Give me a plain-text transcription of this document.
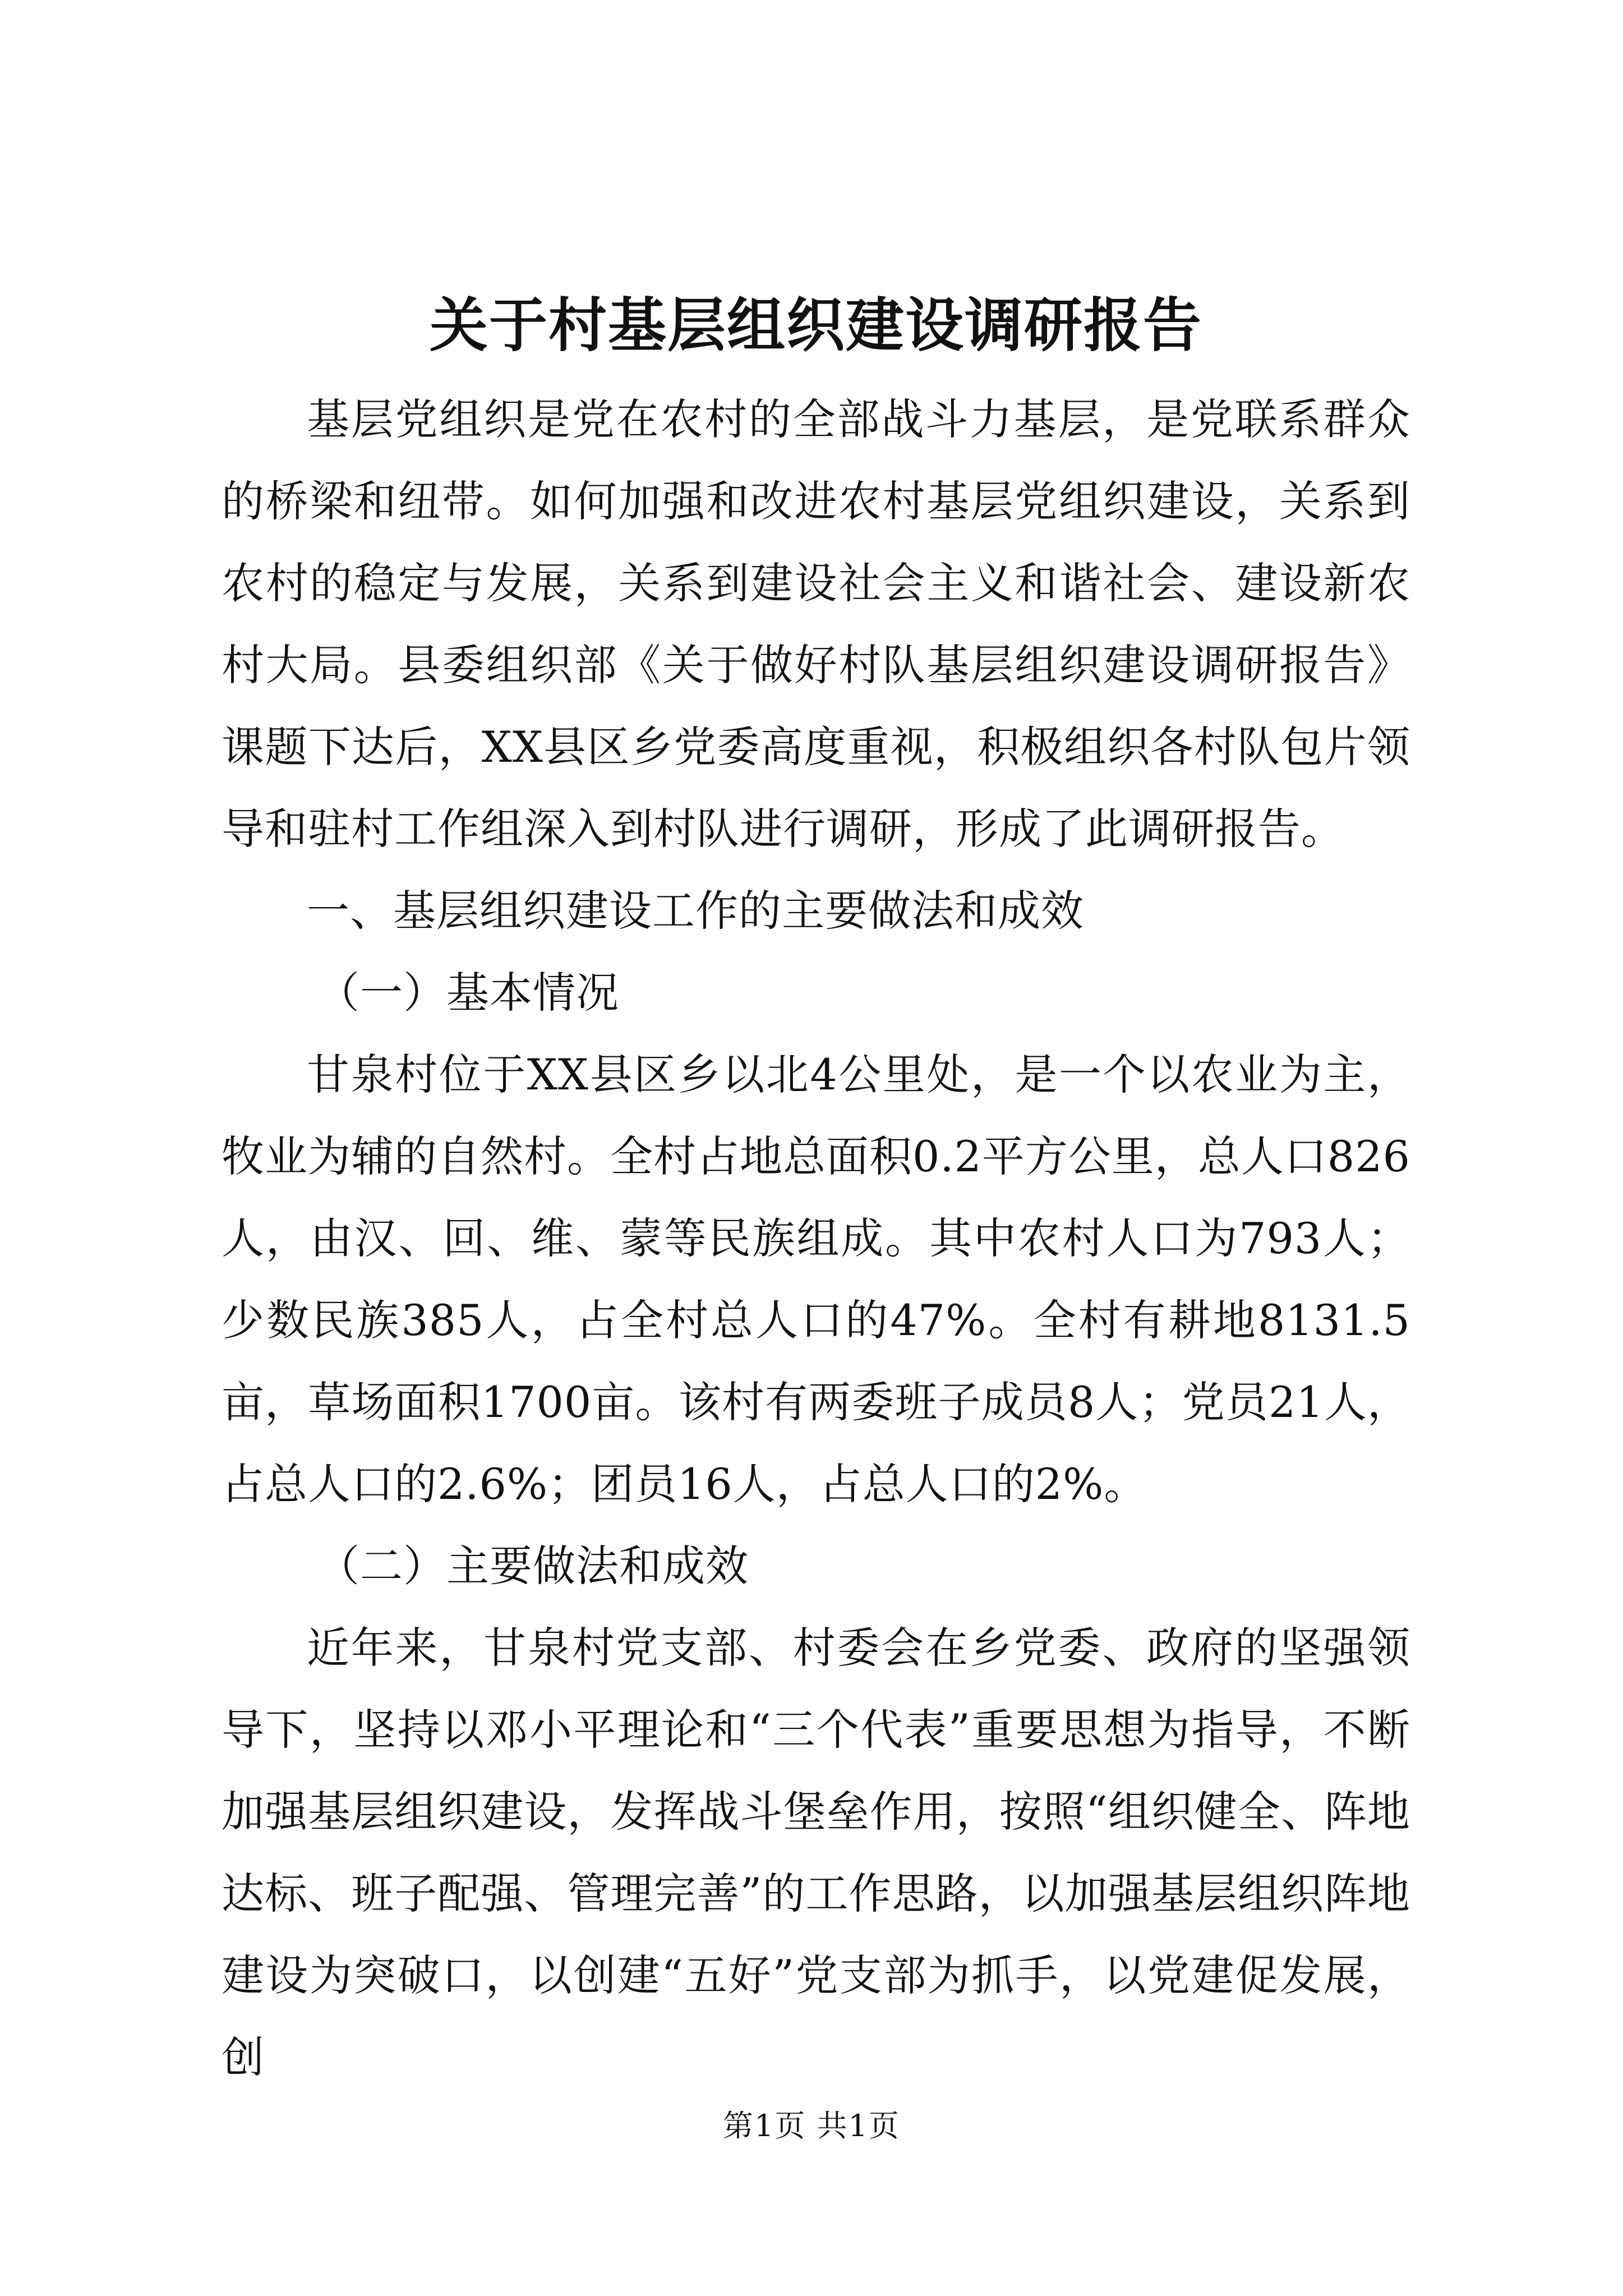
关于村基层组织建设调研报告

基层党组织是党在农村的全部战斗力基层，是党联系群众的桥梁和纽带。如何加强和改进农村基层党组织建设，关系到农村的稳定与发展，关系到建设社会主义和谐社会、建设新农村大局。县委组织部《关于做好村队基层组织建设调研报告》课题下达后，XX县区乡党委高度重视，积极组织各村队包片领导和驻村工作组深入到村队进行调研，形成了此调研报告。

一、基层组织建设工作的主要做法和成效

（一）基本情况

甘泉村位于XX县区乡以北4公里处，是一个以农业为主，牧业为辅的自然村。全村占地总面积0.2平方公里，总人口826人，由汉、回、维、蒙等民族组成。其中农村人口为793人；少数民族385人，占全村总人口的47%。全村有耕地8131.5亩，草场面积1700亩。该村有两委班子成员8人；党员21人，占总人口的2.6%；团员16人，占总人口的2%。

（二）主要做法和成效

近年来，甘泉村党支部、村委会在乡党委、政府的坚强领导下，坚持以邓小平理论和“三个代表”重要思想为指导，不断加强基层组织建设，发挥战斗堡垒作用，按照“组织健全、阵地达标、班子配强、管理完善”的工作思路，以加强基层组织阵地建设为突破口，以创建“五好”党支部为抓手，以党建促发展，创

第1页 共1页
